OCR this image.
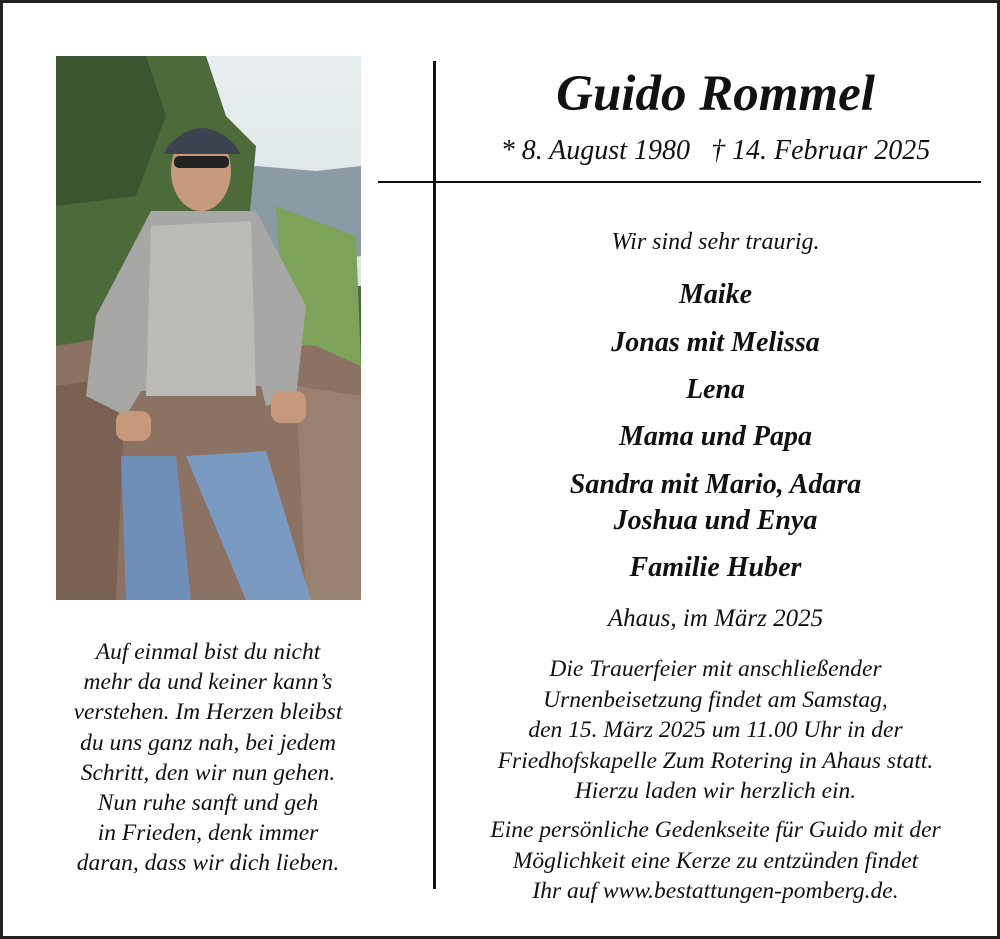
Guido Rommel
* 8. August 1980   † 14. Februar 2025
Wir sind sehr traurig.
Maike
Jonas mit Melissa
Lena
Mama und Papa
Sandra mit Mario, Adara
Joshua und Enya
Familie Huber
Ahaus, im März 2025
Die Trauerfeier mit anschließender
Urnenbeisetzung findet am Samstag,
den 15. März 2025 um 11.00 Uhr in der
Friedhofskapelle Zum Rotering in Ahaus statt.
Hierzu laden wir herzlich ein.
Eine persönliche Gedenkseite für Guido mit der
Möglichkeit eine Kerze zu entzünden findet
Ihr auf www.bestattungen-pomberg.de.
Auf einmal bist du nicht
mehr da und keiner kann’s
verstehen. Im Herzen bleibst
du uns ganz nah, bei jedem
Schritt, den wir nun gehen.
Nun ruhe sanft und geh
in Frieden, denk immer
daran, dass wir dich lieben.
